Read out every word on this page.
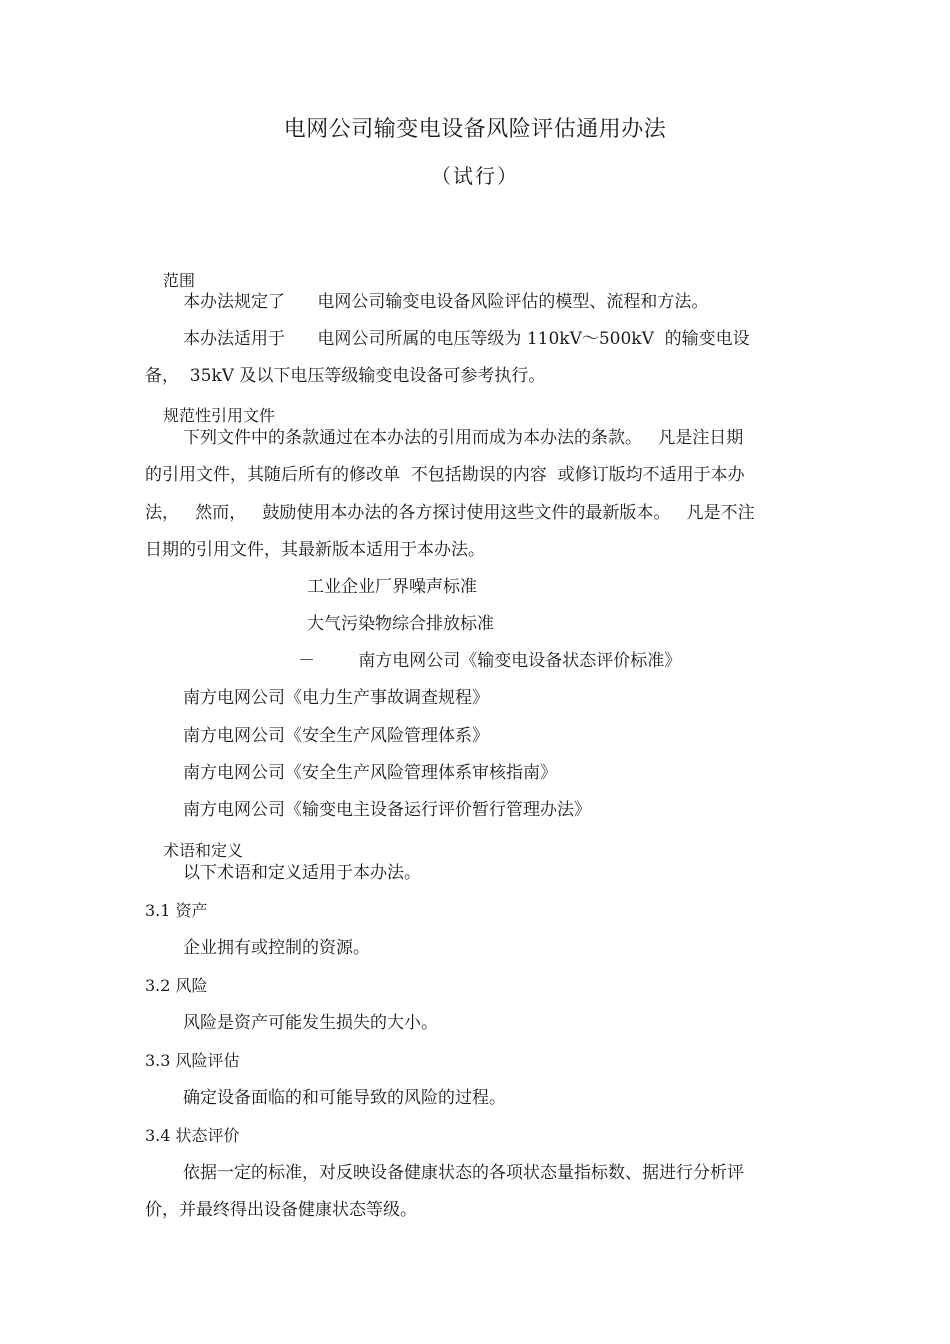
电网公司输变电设备风险评估通用办法
（试行）
范围
本办法规定了      电网公司输变电设备风险评估的模型、流程和方法。
本办法适用于      电网公司所属的电压等级为 110kV～500kV  的输变电设
备，  35kV 及以下电压等级输变电设备可参考执行。
规范性引用文件
下列文件中的条款通过在本办法的引用而成为本办法的条款。   凡是注日期
的引用文件，其随后所有的修改单  不包括勘误的内容  或修订版均不适用于本办
法，   然而，   鼓励使用本办法的各方探讨使用这些文件的最新版本。   凡是不注
日期的引用文件，其最新版本适用于本办法。
工业企业厂界噪声标准
大气污染物综合排放标准
－        南方电网公司《输变电设备状态评价标准》
南方电网公司《电力生产事故调查规程》
南方电网公司《安全生产风险管理体系》
南方电网公司《安全生产风险管理体系审核指南》
南方电网公司《输变电主设备运行评价暂行管理办法》
术语和定义
以下术语和定义适用于本办法。
3.1 资产
企业拥有或控制的资源。
3.2 风险
风险是资产可能发生损失的大小。
3.3 风险评估
确定设备面临的和可能导致的风险的过程。
3.4 状态评价
依据一定的标准，对反映设备健康状态的各项状态量指标数、据进行分析评
价，并最终得出设备健康状态等级。
